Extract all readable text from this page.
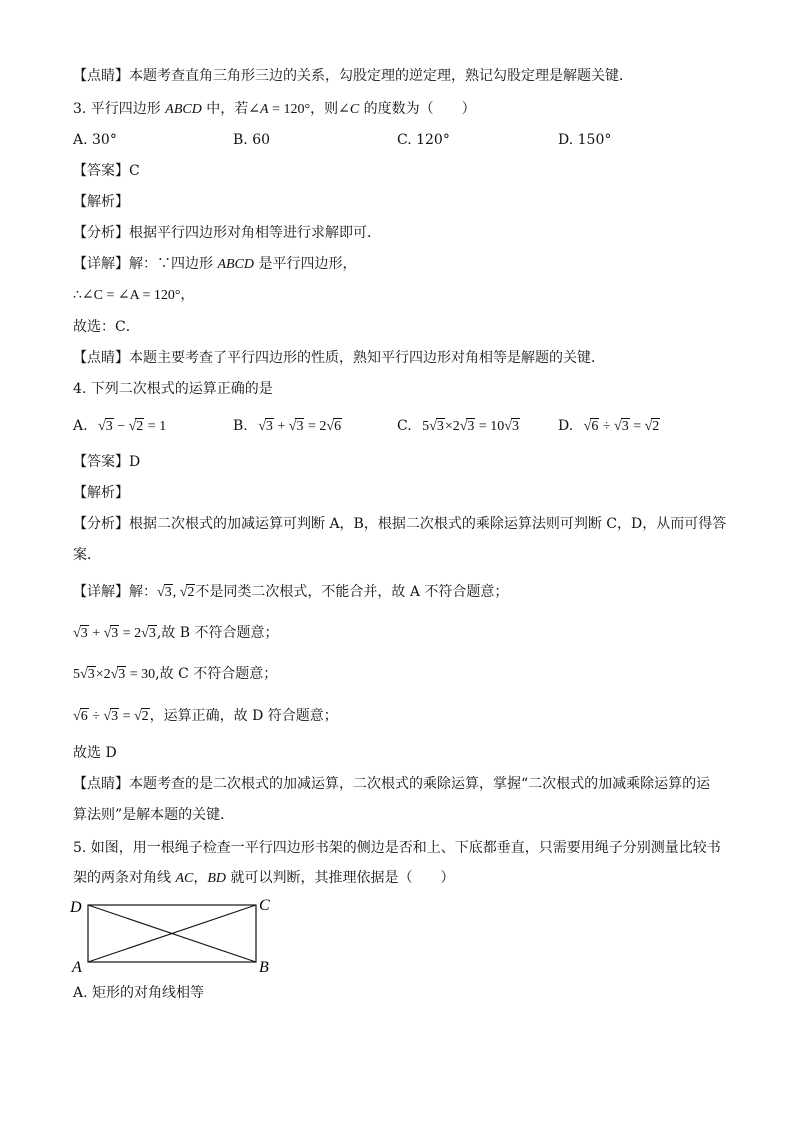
【点睛】本题考查直角三角形三边的关系，勾股定理的逆定理，熟记勾股定理是解题关键．
3. 平行四边形 ABCD 中，若∠A = 120°，则∠C 的度数为（　　）
A. 30°	B. 60	C. 120°	D. 150°
【答案】C
【解析】
【分析】根据平行四边形对角相等进行求解即可．
【详解】解：∵四边形 ABCD 是平行四边形，
∴∠C = ∠A = 120°，
故选：C．
【点睛】本题主要考查了平行四边形的性质，熟知平行四边形对角相等是解题的关键．
4. 下列二次根式的运算正确的是
A. √3 − √2 = 1	B. √3 + √3 = 2√6	C. 5√3×2√3 = 10√3	D. √6 ÷ √3 = √2
【答案】D
【解析】
【分析】根据二次根式的加减运算可判断 A，B，根据二次根式的乘除运算法则可判断 C，D，从而可得答
案．
【详解】解：√3, √2不是同类二次根式，不能合并，故 A 不符合题意；
√3 + √3 = 2√3,故 B 不符合题意；
5√3×2√3 = 30,故 C 不符合题意；
√6 ÷ √3 = √2，运算正确，故 D 符合题意；
故选 D
【点睛】本题考查的是二次根式的加减运算，二次根式的乘除运算，掌握“二次根式的加减乘除运算的运
算法则”是解本题的关键．
5. 如图，用一根绳子检查一平行四边形书架的侧边是否和上、下底都垂直，只需要用绳子分别测量比较书
架的两条对角线 AC，BD 就可以判断，其推理依据是（　　）
D	C
A	B
A. 矩形的对角线相等
